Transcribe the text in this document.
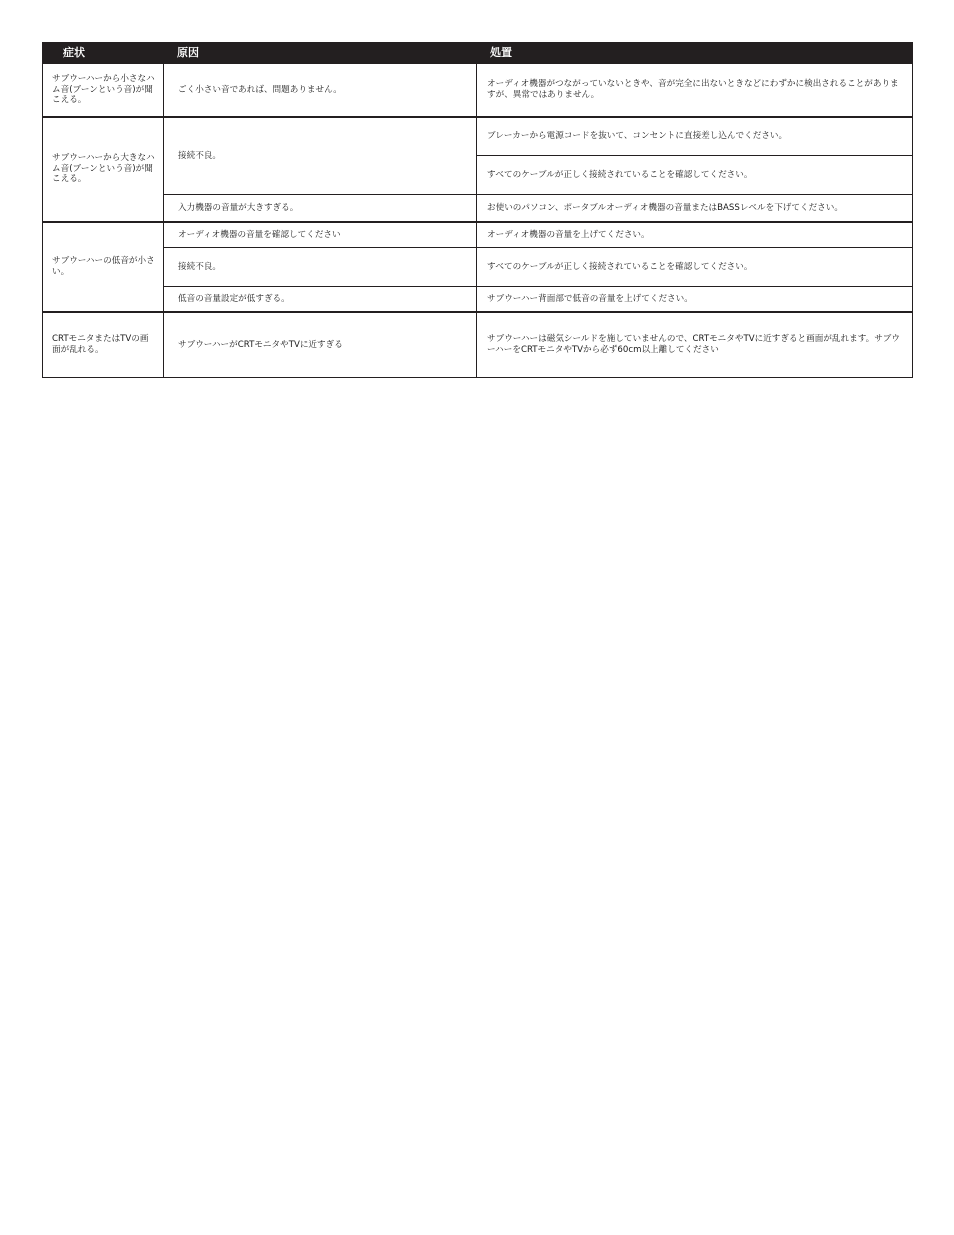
症状	原因	処置
サブウーハーから小さなハム音(ブーンという音)が聞こえる。	ごく小さい音であれば、問題ありません。	オーディオ機器がつながっていないときや、音が完全に出ないときなどにわずかに検出されることがありますが、異常ではありません。
サブウーハーから大きなハム音(ブーンという音)が聞こえる。	接続不良。	ブレーカーから電源コードを抜いて、コンセントに直接差し込んでください。
		すべてのケーブルが正しく接続されていることを確認してください。
	入力機器の音量が大きすぎる。	お使いのパソコン、ポータブルオーディオ機器の音量またはBASSレベルを下げてください。
サブウーハーの低音が小さい。	オーディオ機器の音量を確認してください	オーディオ機器の音量を上げてください。
	接続不良。	すべてのケーブルが正しく接続されていることを確認してください。
	低音の音量設定が低すぎる。	サブウーハー背面部で低音の音量を上げてください。
CRTモニタまたはTVの画面が乱れる。	サブウーハーがCRTモニタやTVに近すぎる	サブウーハーは磁気シールドを施していませんので、CRTモニタやTVに近すぎると画面が乱れます。サブウーハーをCRTモニタやTVから必ず60cm以上離してください
